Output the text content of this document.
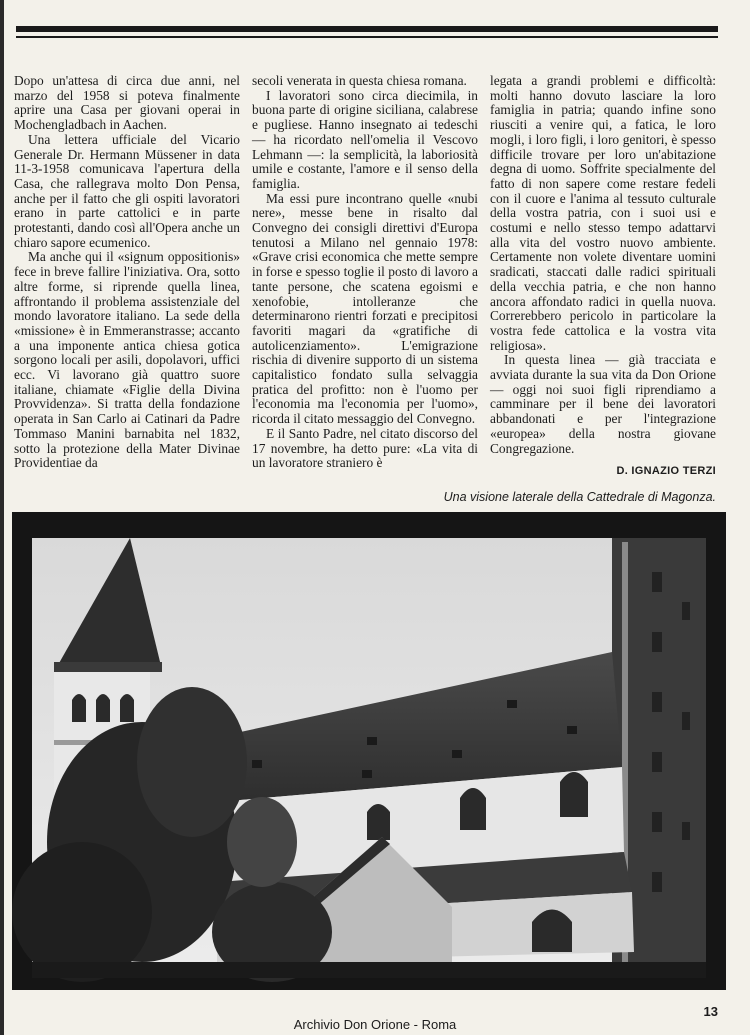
Dopo un'attesa di circa due anni, nel marzo del 1958 si poteva finalmente aprire una Casa per giovani operai in Mochengladbach in Aachen.

Una lettera ufficiale del Vicario Generale Dr. Hermann Müssener in data 11-3-1958 comunicava l'apertura della Casa, che rallegrava molto Don Pensa, anche per il fatto che gli ospiti lavoratori erano in parte cattolici e in parte protestanti, dando così all'Opera anche un chiaro sapore ecumenico.

Ma anche qui il «signum oppositionis» fece in breve fallire l'iniziativa. Ora, sotto altre forme, si riprende quella linea, affrontando il problema assistenziale del mondo lavoratore italiano. La sede della «missione» è in Emmeranstrasse; accanto a una imponente antica chiesa gotica sorgono locali per asili, dopolavori, uffici ecc. Vi lavorano già quattro suore italiane, chiamate «Figlie della Divina Provvidenza». Si tratta della fondazione operata in San Carlo ai Catinari da Padre Tommaso Manini barnabita nel 1832, sotto la protezione della Mater Divinae Providentiae da

secoli venerata in questa chiesa romana.

I lavoratori sono circa diecimila, in buona parte di origine siciliana, calabrese e pugliese. Hanno insegnato ai tedeschi — ha ricordato nell'omelia il Vescovo Lehmann —: la semplicità, la laboriosità umile e costante, l'amore e il senso della famiglia.

Ma essi pure incontrano quelle «nubi nere», messe bene in risalto dal Convegno dei consigli direttivi d'Europa tenutosi a Milano nel gennaio 1978: «Grave crisi economica che mette sempre in forse e spesso toglie il posto di lavoro a tante persone, che scatena egoismi e xenofobie, intolleranze che determinarono rientri forzati e precipitosi favoriti magari da «gratifiche di autolicenziamento». L'emigrazione rischia di divenire supporto di un sistema capitalistico fondato sulla selvaggia pratica del profitto: non è l'uomo per l'economia ma l'economia per l'uomo», ricorda il citato messaggio del Convegno.

E il Santo Padre, nel citato discorso del 17 novembre, ha detto pure: «La vita di un lavoratore straniero è

legata a grandi problemi e difficoltà: molti hanno dovuto lasciare la loro famiglia in patria; quando infine sono riusciti a venire qui, a fatica, le loro mogli, i loro figli, i loro genitori, è spesso difficile trovare per loro un'abitazione degna di uomo. Soffrite specialmente del fatto di non sapere come restare fedeli con il cuore e l'anima al tessuto culturale della vostra patria, con i suoi usi e costumi e nello stesso tempo adattarvi alla vita del vostro nuovo ambiente. Certamente non volete diventare uomini sradicati, staccati dalle radici spirituali della vecchia patria, e che non hanno ancora affondato radici in quella nuova. Correrebbero pericolo in particolare la vostra fede cattolica e la vostra vita religiosa».

In questa linea — già tracciata e avviata durante la sua vita da Don Orione — oggi noi suoi figli riprendiamo a camminare per il bene dei lavoratori abbandonati e per l'integrazione «europea» della nostra giovane Congregazione.

D. IGNAZIO TERZI
Una visione laterale della Cattedrale di Magonza.
13
Archivio Don Orione - Roma
